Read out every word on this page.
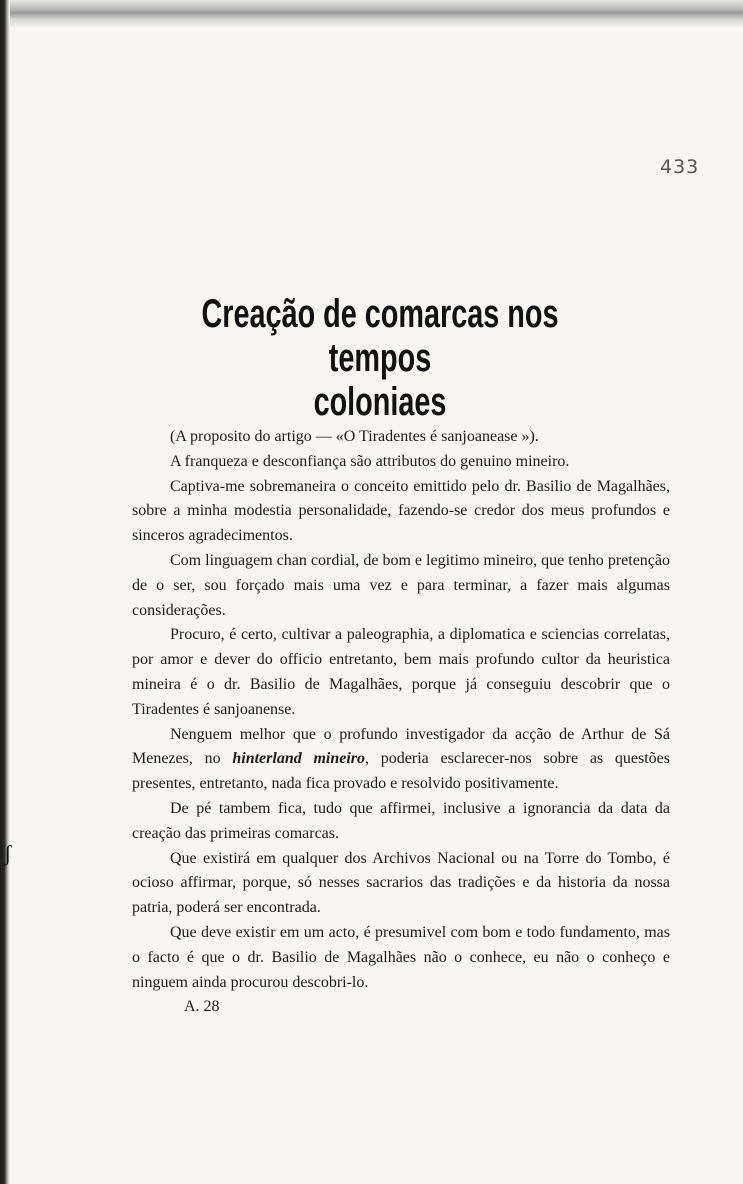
ʃ
433
Creação de comarcas nos tempos
coloniaes

(A proposito do artigo — «O Tiradentes é sanjoanease »).

A franqueza e desconfiança são attributos do genuino mineiro.

Captiva-me sobremaneira o conceito emittido pelo dr. Basilio de Magalhães, sobre a minha modestia personalidade, fazendo-se credor dos meus profundos e sinceros agradecimentos.

Com linguagem chan cordial, de bom e legitimo mineiro, que tenho pretenção de o ser, sou forçado mais uma vez e para terminar, a fazer mais algumas considerações.

Procuro, é certo, cultivar a paleographia, a diplomatica e sciencias correlatas, por amor e dever do officio entretanto, bem mais profundo cultor da heuristica mineira é o dr. Basilio de Magalhães, porque já conseguiu descobrir que o Tiradentes é sanjoanense.

Nenguem melhor que o profundo investigador da acção de Arthur de Sá Menezes, no hinterland mineiro, poderia esclarecer-nos sobre as questões presentes, entretanto, nada fica provado e resolvido positivamente.

De pé tambem fica, tudo que affirmei, inclusive a ignorancia da data da creação das primeiras comarcas.

Que existirá em qualquer dos Archivos Nacional ou na Torre do Tombo, é ocioso affirmar, porque, só nesses sacrarios das tradições e da historia da nossa patria, poderá ser encontrada.

Que deve existir em um acto, é presumivel com bom e todo fundamento, mas o facto é que o dr. Basilio de Magalhães não o conhece, eu não o conheço e ninguem ainda procurou descobri-lo.

A. 28
